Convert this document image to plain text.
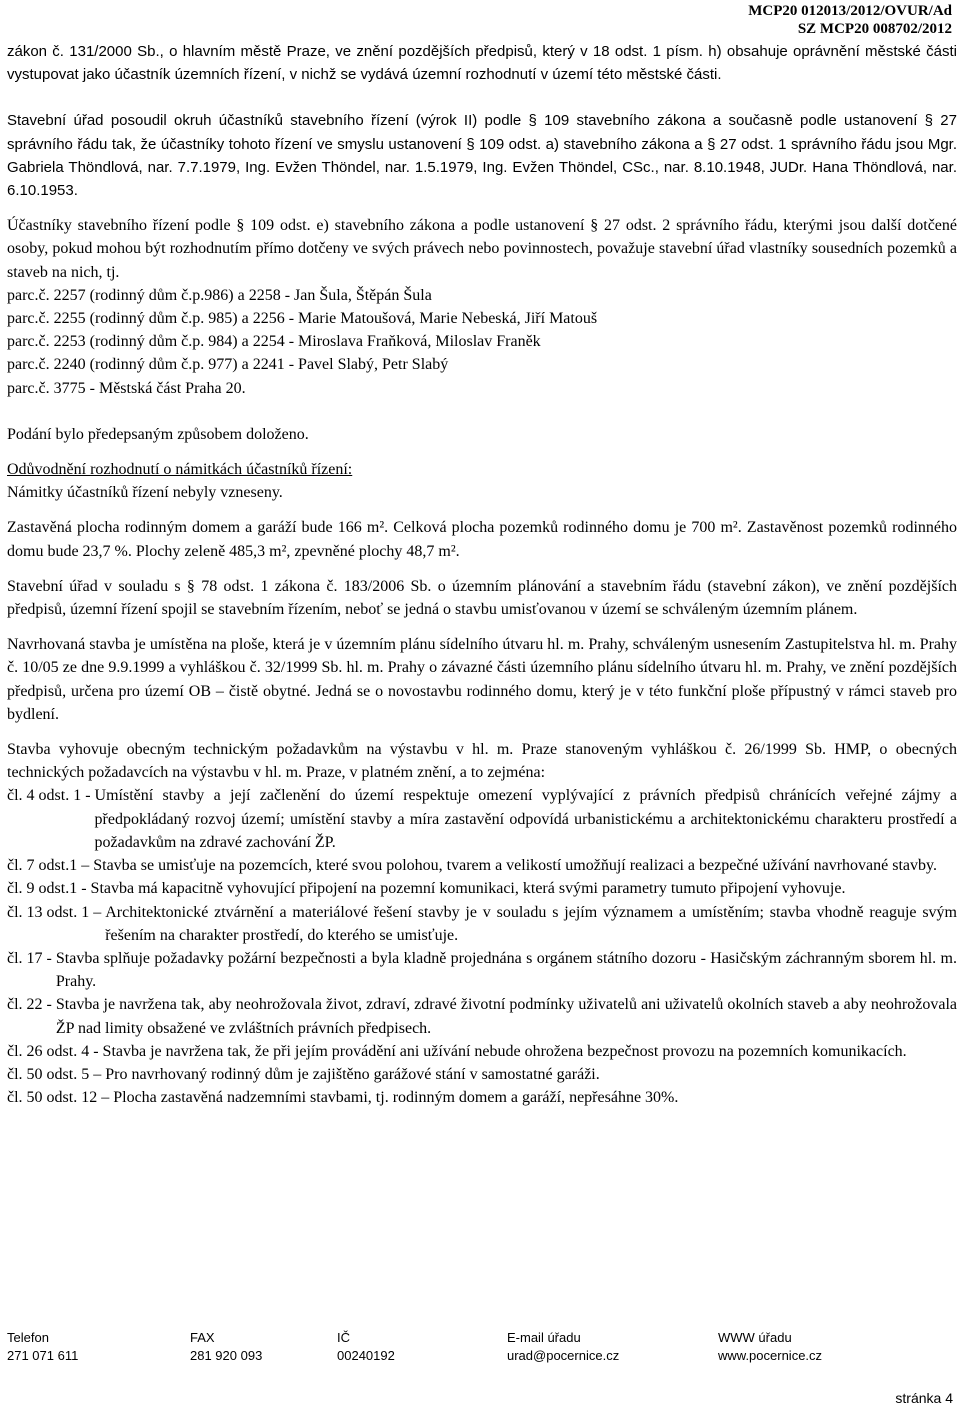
MCP20 012013/2012/OVUR/Ad
SZ MCP20 008702/2012

zákon č. 131/2000 Sb., o hlavním městě Praze, ve znění pozdějších předpisů, který v 18 odst. 1 písm. h) obsahuje oprávnění městské části vystupovat jako účastník územních řízení, v nichž se vydává územní rozhodnutí v území této městské části.

Stavební úřad posoudil okruh účastníků stavebního řízení (výrok II) podle § 109 stavebního zákona a současně podle ustanovení § 27 správního řádu tak, že účastníky tohoto řízení ve smyslu ustanovení § 109 odst. a) stavebního zákona a § 27 odst. 1 správního řádu jsou Mgr. Gabriela Thöndlová, nar. 7.7.1979, Ing. Evžen Thöndel, nar. 1.5.1979, Ing. Evžen Thöndel, CSc., nar. 8.10.1948, JUDr. Hana Thöndlová, nar. 6.10.1953.

Účastníky stavebního řízení podle § 109 odst. e) stavebního zákona a podle ustanovení § 27 odst. 2 správního řádu, kterými jsou další dotčené osoby, pokud mohou být rozhodnutím přímo dotčeny ve svých právech nebo povinnostech, považuje stavební úřad vlastníky sousedních pozemků a staveb na nich, tj.

parc.č. 2257 (rodinný dům č.p.986) a 2258 - Jan Šula, Štěpán Šula
parc.č. 2255 (rodinný dům č.p. 985) a 2256 - Marie Matoušová, Marie Nebeská, Jiří Matouš
parc.č. 2253 (rodinný dům č.p. 984) a 2254 - Miroslava Fraňková, Miloslav Franěk
parc.č. 2240 (rodinný dům č.p. 977) a 2241 - Pavel Slabý, Petr Slabý
parc.č. 3775 - Městská část Praha 20.

Podání bylo předepsaným způsobem doloženo.

Odůvodnění rozhodnutí o námitkách účastníků řízení:

Námitky účastníků řízení nebyly vzneseny.

Zastavěná plocha rodinným domem a garáží bude 166 m². Celková plocha pozemků rodinného domu je 700 m². Zastavěnost pozemků rodinného domu bude 23,7 %. Plochy zeleně 485,3 m², zpevněné plochy 48,7 m².

Stavební úřad v souladu s § 78 odst. 1 zákona č. 183/2006 Sb. o územním plánování a stavebním řádu (stavební zákon), ve znění pozdějších předpisů, územní řízení spojil se stavebním řízením, neboť se jedná o stavbu umisťovanou v území se schváleným územním plánem.

Navrhovaná stavba je umístěna na ploše, která je v územním plánu sídelního útvaru hl. m. Prahy, schváleným usnesením Zastupitelstva hl. m. Prahy č. 10/05 ze dne 9.9.1999 a vyhláškou č. 32/1999 Sb. hl. m. Prahy o závazné části územního plánu sídelního útvaru hl. m. Prahy, ve znění pozdějších předpisů, určena pro území OB – čistě obytné. Jedná se o novostavbu rodinného domu, který je v této funkční ploše přípustný v rámci staveb pro bydlení.

Stavba vyhovuje obecným technickým požadavkům na výstavbu v hl. m. Praze stanoveným vyhláškou č. 26/1999 Sb. HMP, o obecných technických požadavcích na výstavbu v hl. m. Praze, v platném znění, a to zejména:

čl. 4 odst. 1 - Umístění stavby a její začlenění do území respektuje omezení vyplývající z právních předpisů chránících veřejné zájmy a předpokládaný rozvoj území; umístění stavby a míra zastavění odpovídá urbanistickému a architektonickému charakteru prostředí a požadavkům na zdravé zachování ŽP.
čl. 7 odst.1 – Stavba se umisťuje na pozemcích, které svou polohou, tvarem a velikostí umožňují realizaci a bezpečné užívání navrhované stavby.
čl. 9 odst.1 - Stavba má kapacitně vyhovující připojení na pozemní komunikaci, která svými parametry tumuto připojení vyhovuje.
čl. 13 odst. 1 – Architektonické ztvárnění a materiálové řešení stavby je v souladu s jejím významem a umístěním; stavba vhodně reaguje svým řešením na charakter prostředí, do kterého se umisťuje.
čl. 17 - Stavba splňuje požadavky požární bezpečnosti a byla kladně projednána s orgánem státního dozoru - Hasičským záchranným sborem hl. m. Prahy.
čl. 22 - Stavba je navržena tak, aby neohrožovala život, zdraví, zdravé životní podmínky uživatelů ani uživatelů okolních staveb a aby neohrožovala ŽP nad limity obsažené ve zvláštních právních předpisech.
čl. 26 odst. 4 - Stavba je navržena tak, že při jejím provádění ani užívání nebude ohrožena bezpečnost provozu na pozemních komunikacích.
čl. 50 odst. 5 – Pro navrhovaný rodinný dům je zajištěno garážové stání v samostatné garáži.
čl. 50 odst. 12 – Plocha zastavěná nadzemními stavbami, tj. rodinným domem a garáží, nepřesáhne 30%.
Telefon
271 071 611
FAX
281 920 093
IČ
00240192
E-mail úřadu
urad@pocernice.cz
WWW úřadu
www.pocernice.cz
stránka 4
